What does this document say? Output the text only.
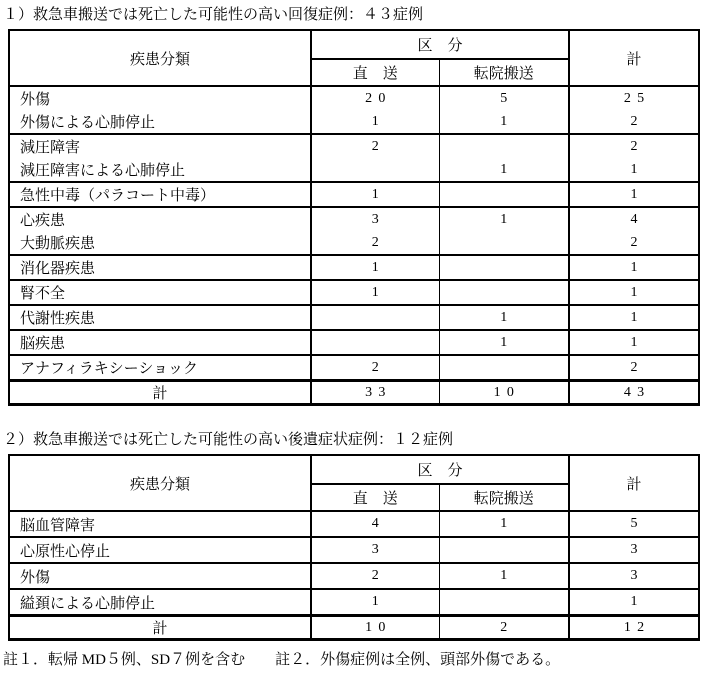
１）救急車搬送では死亡した可能性の高い回復症例：４３症例
疾患分類	区　分		計
	直　送	転院搬送	
外傷	20	5	25
外傷による心肺停止	1	1	2
減圧障害	2		2
減圧障害による心肺停止		1	1
急性中毒（パラコート中毒）	1		1
心疾患	3	1	4
大動脈疾患	2		2
消化器疾患	1		1
腎不全	1		1
代謝性疾患		1	1
脳疾患		1	1
アナフィラキシーショック	2		2
計	33	10	43
２）救急車搬送では死亡した可能性の高い後遺症状症例：１２症例
疾患分類	区　分		計
	直　送	転院搬送	
脳血管障害	4	1	5
心原性心停止	3		3
外傷	2	1	3
縊頚による心肺停止	1		1
計	10	2	12
註１．転帰 MD５例、SD７例を含む 註２．外傷症例は全例、頭部外傷である。
